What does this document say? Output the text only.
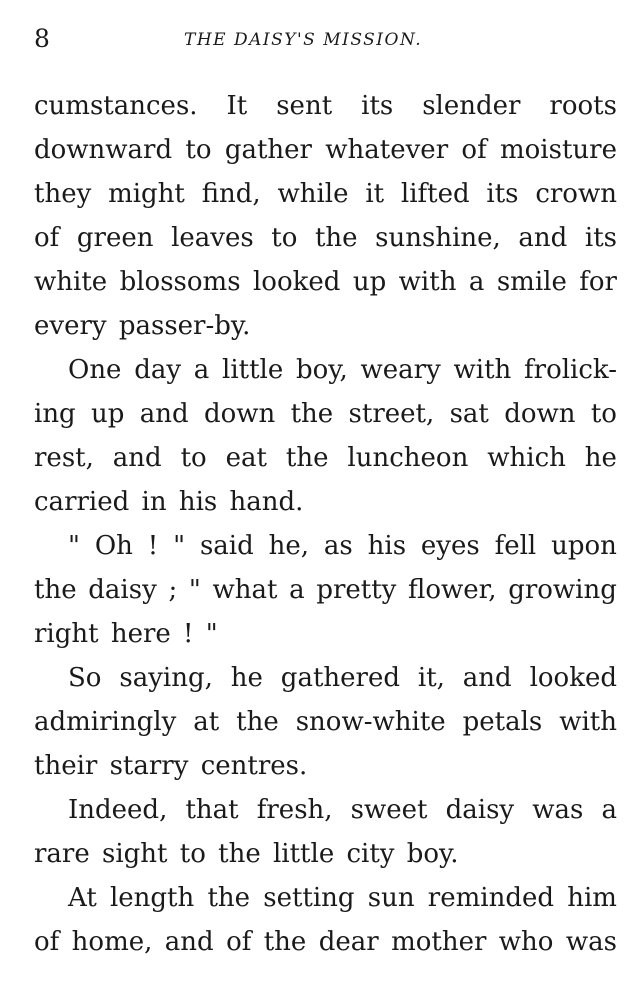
8	THE DAISY'S MISSION.
cumstances. It sent its slender roots
downward to gather whatever of moisture
they might find, while it lifted its crown
of green leaves to the sunshine, and its
white blossoms looked up with a smile for
every passer-by.
One day a little boy, weary with frolick-
ing up and down the street, sat down to
rest, and to eat the luncheon which he
carried in his hand.
" Oh ! " said he, as his eyes fell upon
the daisy ; " what a pretty flower, growing
right here ! "
So saying, he gathered it, and looked
admiringly at the snow-white petals with
their starry centres.
Indeed, that fresh, sweet daisy was a
rare sight to the little city boy.
At length the setting sun reminded him
of home, and of the dear mother who was
